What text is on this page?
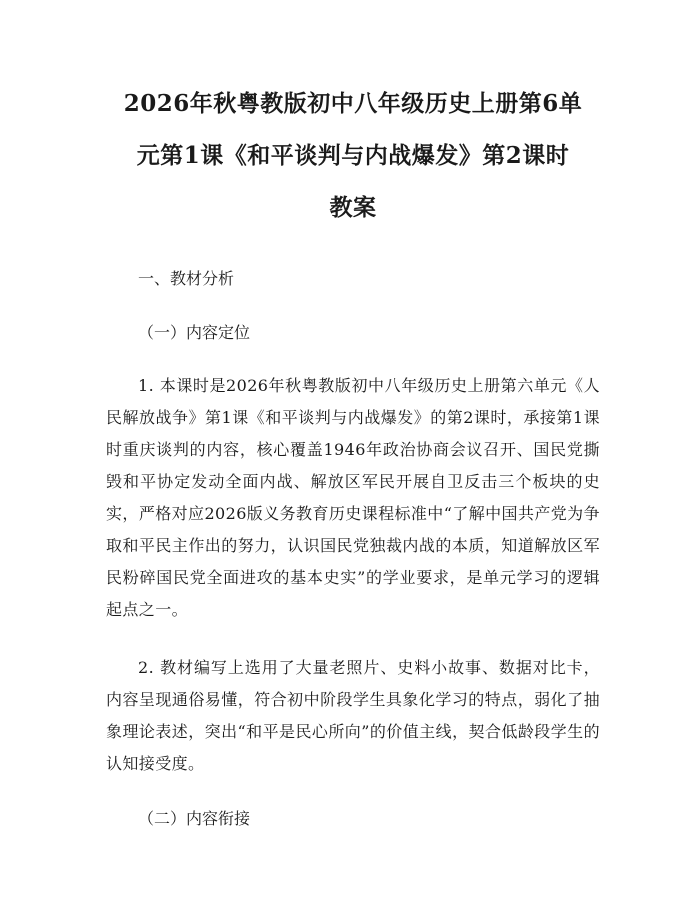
2026年秋粤教版初中八年级历史上册第6单
元第1课《和平谈判与内战爆发》第2课时
教案

一、教材分析

（一）内容定位

1. 本课时是2026年秋粤教版初中八年级历史上册第六单元《人民解放战争》第1课《和平谈判与内战爆发》的第2课时，承接第1课时重庆谈判的内容，核心覆盖1946年政治协商会议召开、国民党撕毁和平协定发动全面内战、解放区军民开展自卫反击三个板块的史实，严格对应2026版义务教育历史课程标准中“了解中国共产党为争取和平民主作出的努力，认识国民党独裁内战的本质，知道解放区军民粉碎国民党全面进攻的基本史实”的学业要求，是单元学习的逻辑起点之一。

2. 教材编写上选用了大量老照片、史料小故事、数据对比卡，内容呈现通俗易懂，符合初中阶段学生具象化学习的特点，弱化了抽象理论表述，突出“和平是民心所向”的价值主线，契合低龄段学生的认知接受度。

（二）内容衔接
